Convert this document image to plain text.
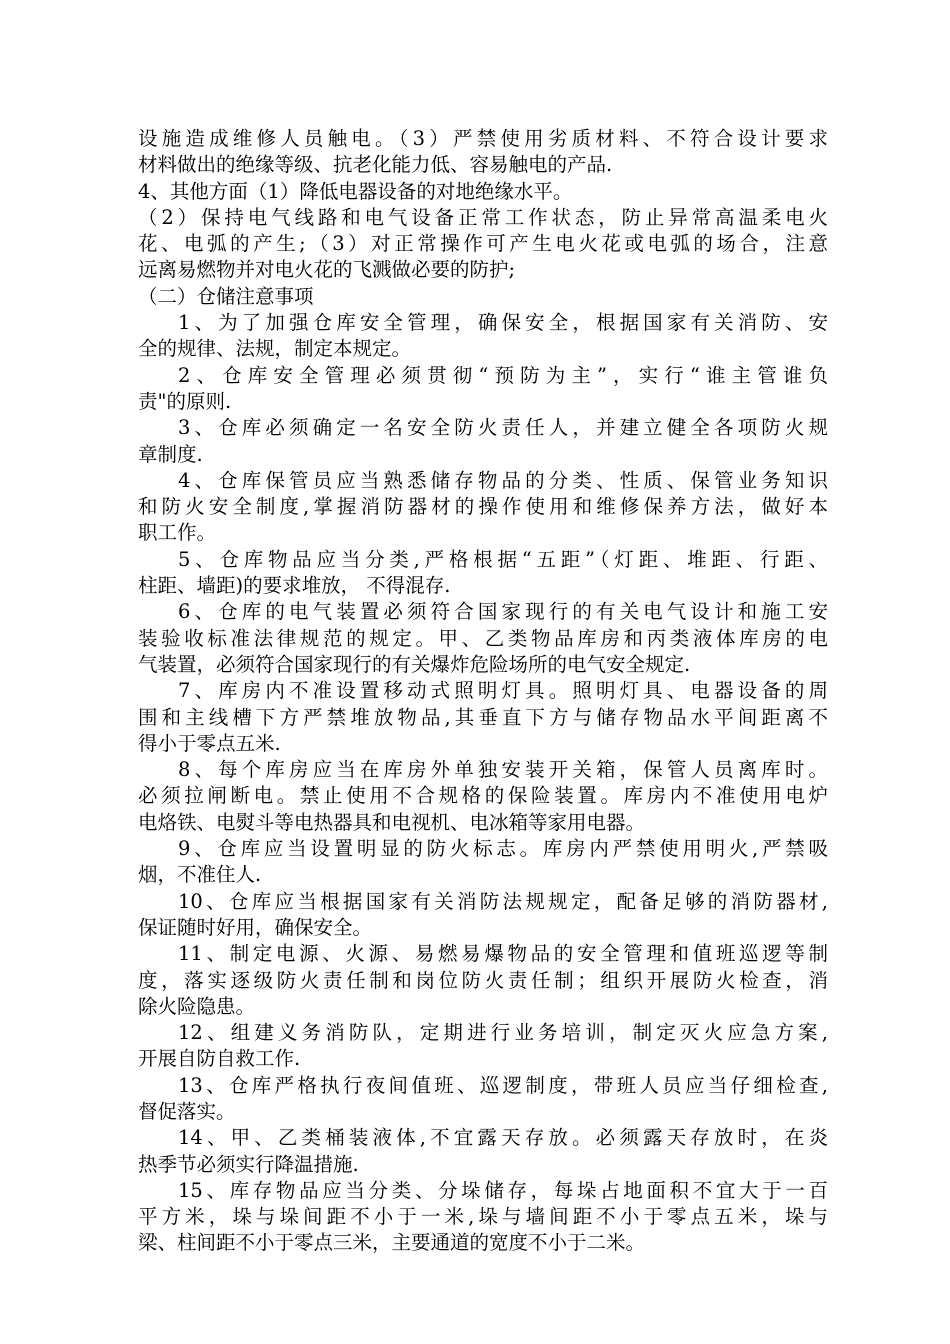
设施造成维修人员触电。（3）严禁使用劣质材料、不符合设计要求
材料做出的绝缘等级、抗老化能力低、容易触电的产品.
4、其他方面（1）降低电器设备的对地绝缘水平。
（2）保持电气线路和电气设备正常工作状态，防止异常高温柔电火
花、电弧的产生;（3）对正常操作可产生电火花或电弧的场合，注意
远离易燃物并对电火花的飞溅做必要的防护;
（二）仓储注意事项
1、为了加强仓库安全管理，确保安全，根据国家有关消防、安
全的规律、法规，制定本规定。
2、仓库安全管理必须贯彻“预防为主”，实行“谁主管谁负
责"的原则.
3、仓库必须确定一名安全防火责任人，并建立健全各项防火规
章制度.
4、仓库保管员应当熟悉储存物品的分类、性质、保管业务知识
和防火安全制度,掌握消防器材的操作使用和维修保养方法，做好本
职工作。
5、仓库物品应当分类,严格根据“五距”（灯距、堆距、行距、
柱距、墙距)的要求堆放， 不得混存.
6、仓库的电气装置必须符合国家现行的有关电气设计和施工安
装验收标准法律规范的规定。甲、乙类物品库房和丙类液体库房的电
气装置，必须符合国家现行的有关爆炸危险场所的电气安全规定.
7、库房内不准设置移动式照明灯具。照明灯具、电器设备的周
围和主线槽下方严禁堆放物品,其垂直下方与储存物品水平间距离不
得小于零点五米.
8、每个库房应当在库房外单独安装开关箱，保管人员离库时。
必须拉闸断电。禁止使用不合规格的保险装置。库房内不准使用电炉
电烙铁、电熨斗等电热器具和电视机、电冰箱等家用电器。
9、仓库应当设置明显的防火标志。库房内严禁使用明火,严禁吸
烟，不准住人.
10、仓库应当根据国家有关消防法规规定，配备足够的消防器材,
保证随时好用，确保安全。
11、制定电源、火源、易燃易爆物品的安全管理和值班巡逻等制
度，落实逐级防火责任制和岗位防火责任制；组织开展防火检查，消
除火险隐患。
12、组建义务消防队，定期进行业务培训，制定灭火应急方案,
开展自防自救工作.
13、仓库严格执行夜间值班、巡逻制度，带班人员应当仔细检查,
督促落实。
14、甲、乙类桶装液体,不宜露天存放。必须露天存放时，在炎
热季节必须实行降温措施.
15、库存物品应当分类、分垛储存，每垛占地面积不宜大于一百
平方米，垛与垛间距不小于一米,垛与墙间距不小于零点五米，垛与
梁、柱间距不小于零点三米，主要通道的宽度不小于二米。
